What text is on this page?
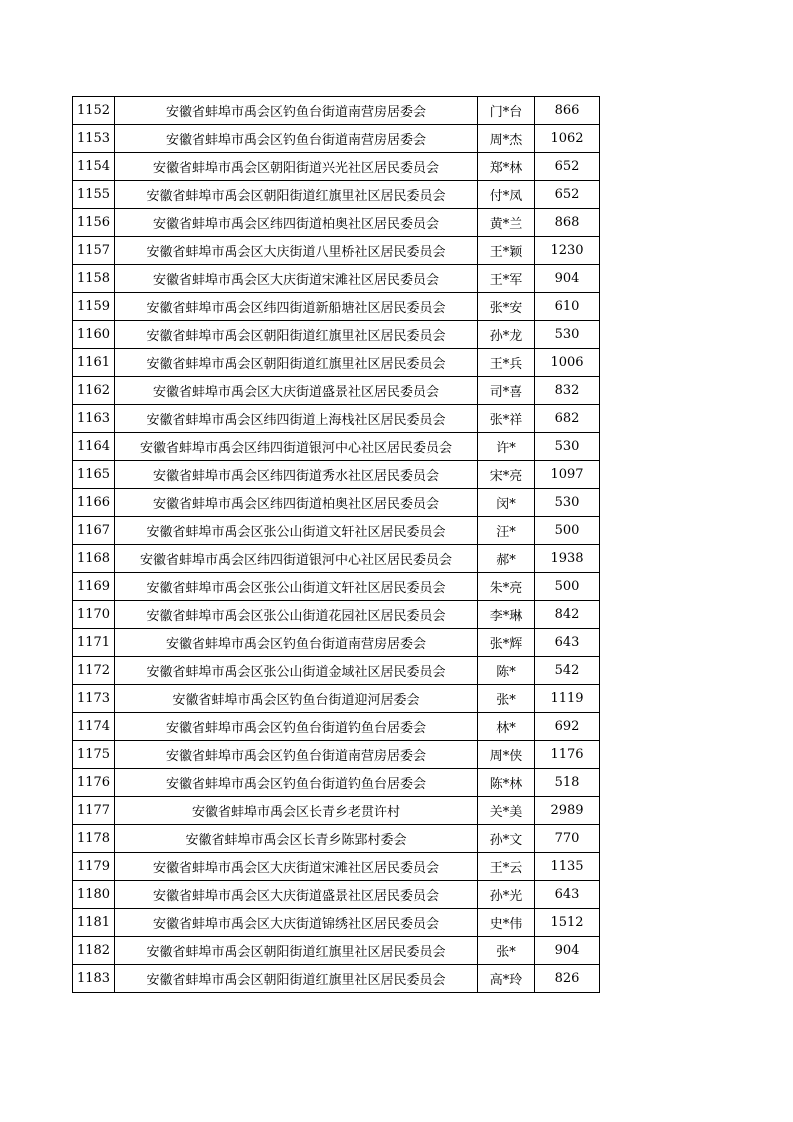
1152	安徽省蚌埠市禹会区钓鱼台街道南营房居委会	门*台	866
1153	安徽省蚌埠市禹会区钓鱼台街道南营房居委会	周*杰	1062
1154	安徽省蚌埠市禹会区朝阳街道兴光社区居民委员会	郑*林	652
1155	安徽省蚌埠市禹会区朝阳街道红旗里社区居民委员会	付*凤	652
1156	安徽省蚌埠市禹会区纬四街道柏奥社区居民委员会	黄*兰	868
1157	安徽省蚌埠市禹会区大庆街道八里桥社区居民委员会	王*颖	1230
1158	安徽省蚌埠市禹会区大庆街道宋滩社区居民委员会	王*军	904
1159	安徽省蚌埠市禹会区纬四街道新船塘社区居民委员会	张*安	610
1160	安徽省蚌埠市禹会区朝阳街道红旗里社区居民委员会	孙*龙	530
1161	安徽省蚌埠市禹会区朝阳街道红旗里社区居民委员会	王*兵	1006
1162	安徽省蚌埠市禹会区大庆街道盛景社区居民委员会	司*喜	832
1163	安徽省蚌埠市禹会区纬四街道上海栈社区居民委员会	张*祥	682
1164	安徽省蚌埠市禹会区纬四街道银河中心社区居民委员会	许*	530
1165	安徽省蚌埠市禹会区纬四街道秀水社区居民委员会	宋*亮	1097
1166	安徽省蚌埠市禹会区纬四街道柏奥社区居民委员会	闵*	530
1167	安徽省蚌埠市禹会区张公山街道文轩社区居民委员会	汪*	500
1168	安徽省蚌埠市禹会区纬四街道银河中心社区居民委员会	郝*	1938
1169	安徽省蚌埠市禹会区张公山街道文轩社区居民委员会	朱*亮	500
1170	安徽省蚌埠市禹会区张公山街道花园社区居民委员会	李*琳	842
1171	安徽省蚌埠市禹会区钓鱼台街道南营房居委会	张*辉	643
1172	安徽省蚌埠市禹会区张公山街道金域社区居民委员会	陈*	542
1173	安徽省蚌埠市禹会区钓鱼台街道迎河居委会	张*	1119
1174	安徽省蚌埠市禹会区钓鱼台街道钓鱼台居委会	林*	692
1175	安徽省蚌埠市禹会区钓鱼台街道南营房居委会	周*侠	1176
1176	安徽省蚌埠市禹会区钓鱼台街道钓鱼台居委会	陈*林	518
1177	安徽省蚌埠市禹会区长青乡老贯许村	关*美	2989
1178	安徽省蚌埠市禹会区长青乡陈郢村委会	孙*文	770
1179	安徽省蚌埠市禹会区大庆街道宋滩社区居民委员会	王*云	1135
1180	安徽省蚌埠市禹会区大庆街道盛景社区居民委员会	孙*光	643
1181	安徽省蚌埠市禹会区大庆街道锦绣社区居民委员会	史*伟	1512
1182	安徽省蚌埠市禹会区朝阳街道红旗里社区居民委员会	张*	904
1183	安徽省蚌埠市禹会区朝阳街道红旗里社区居民委员会	高*玲	826
